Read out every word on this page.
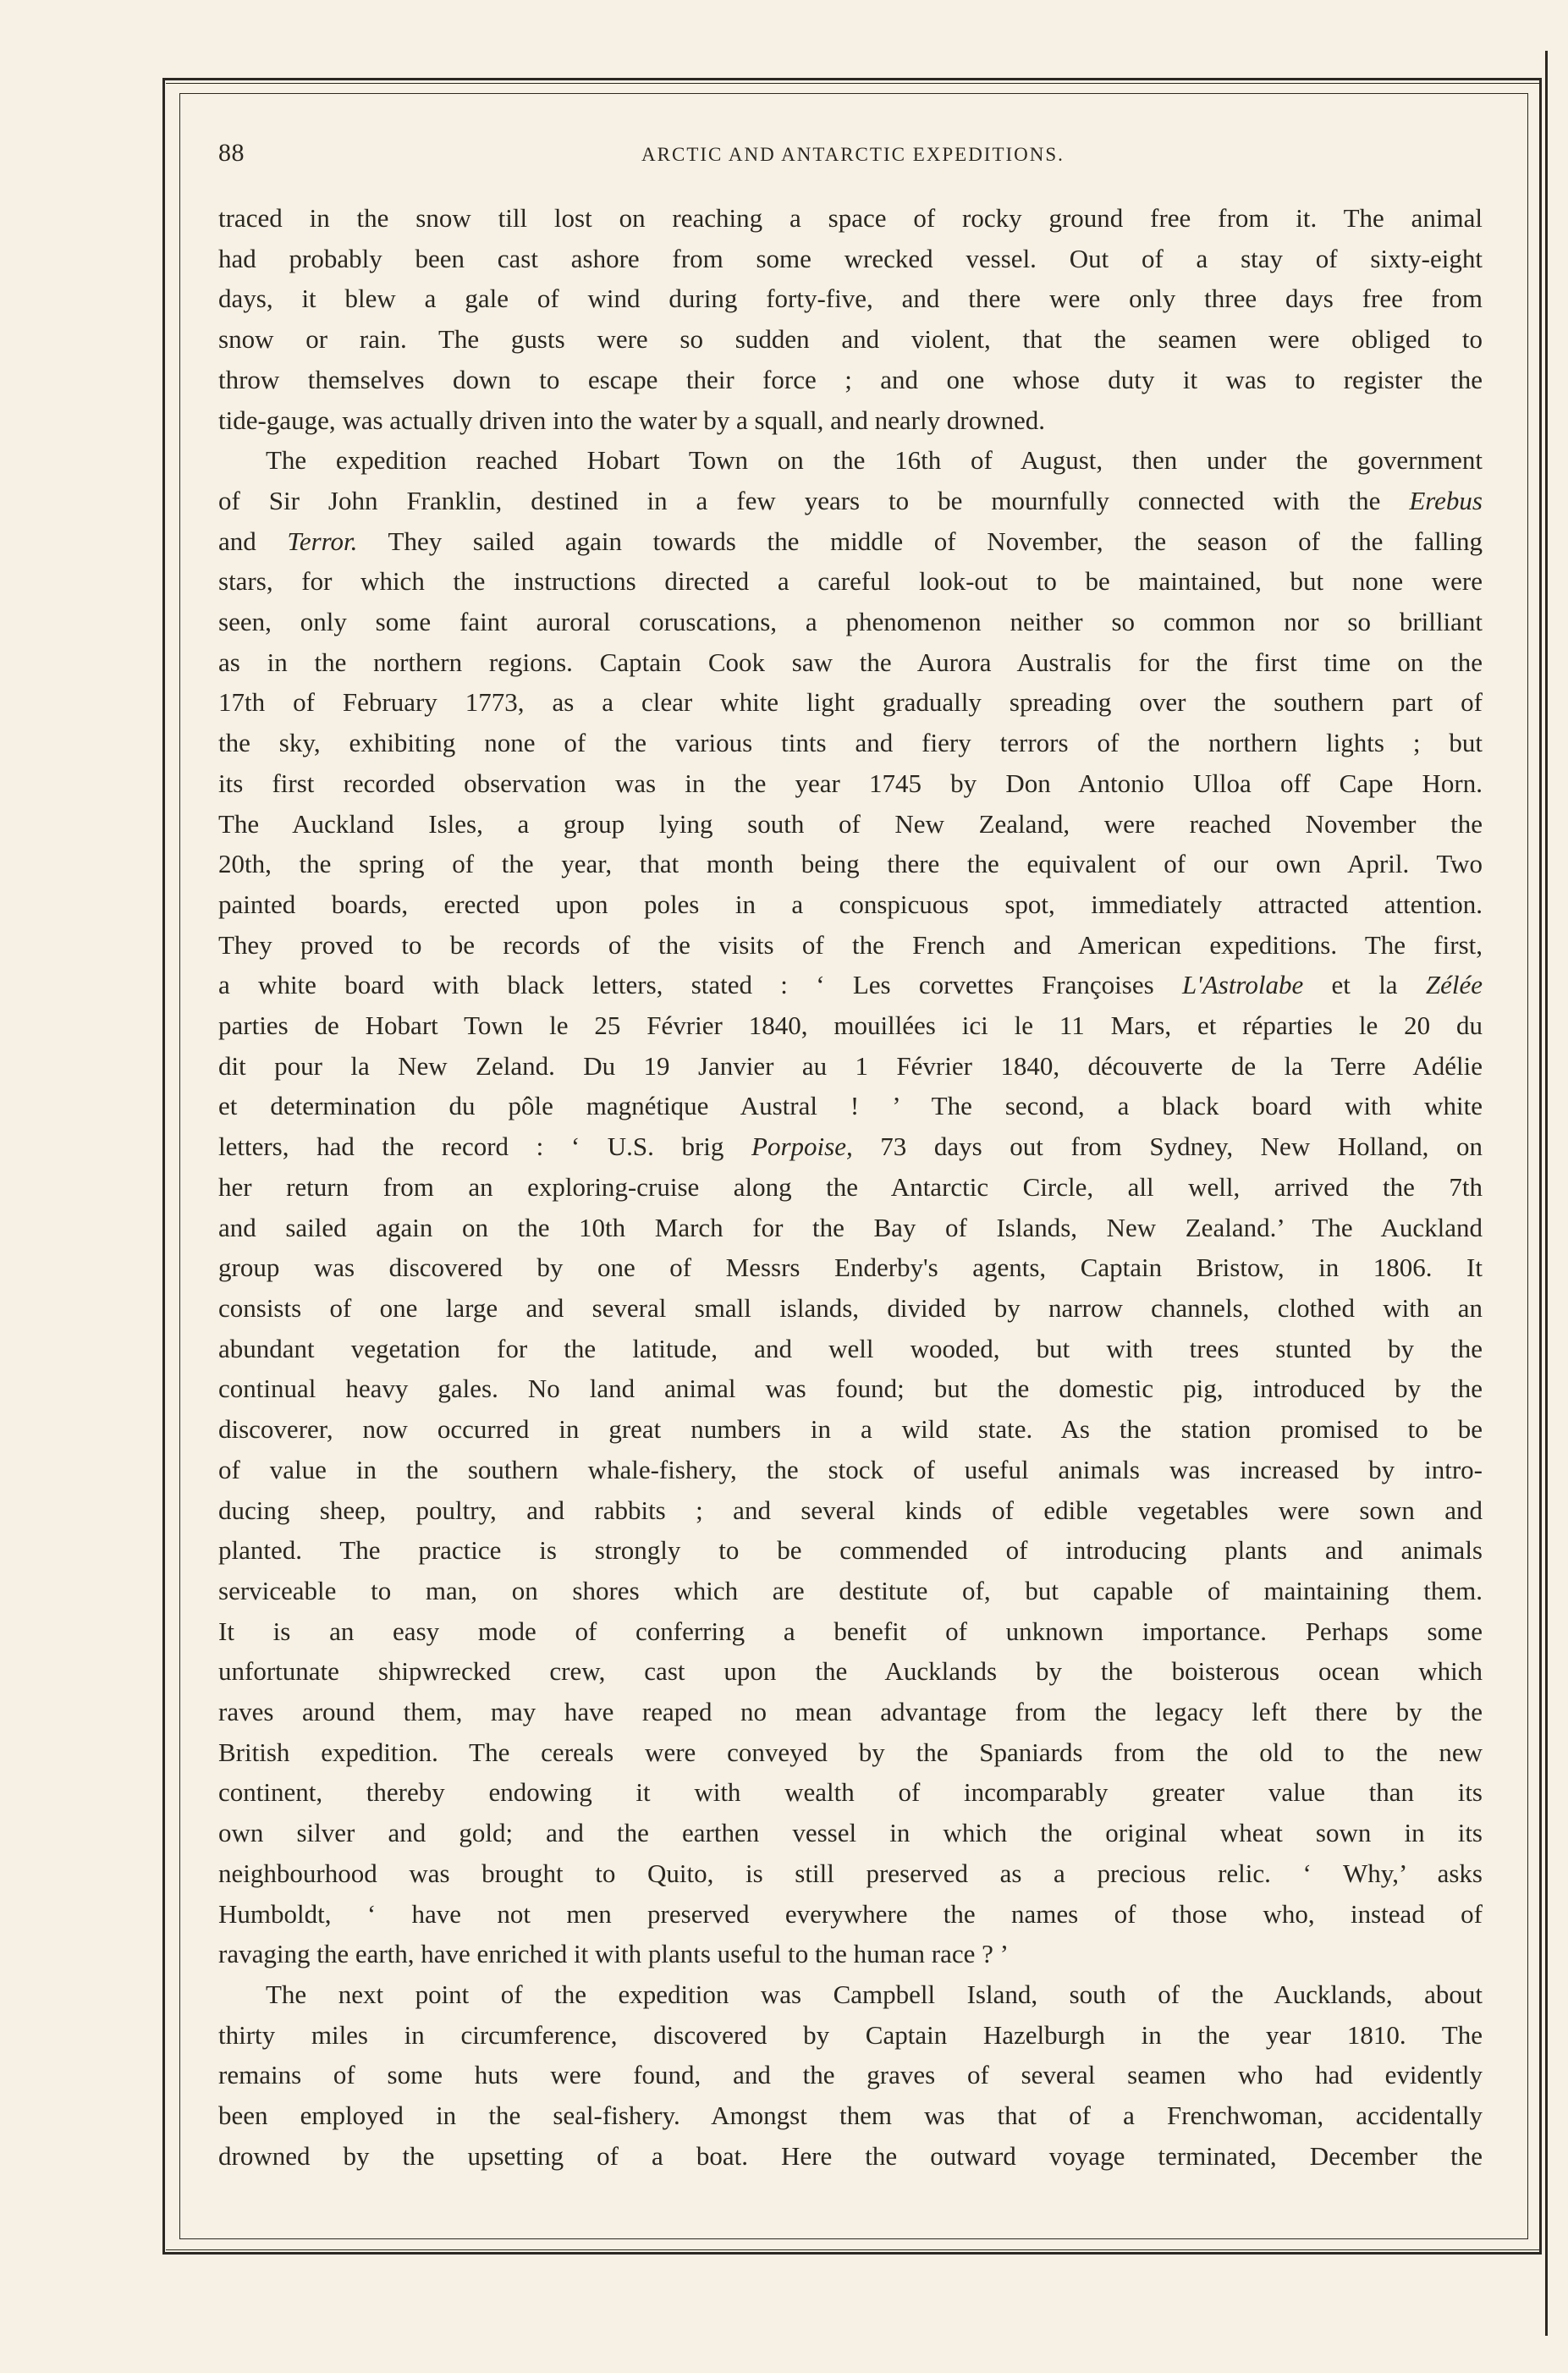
88	ARCTIC AND ANTARCTIC EXPEDITIONS.
traced in the snow till lost on reaching a space of rocky ground free from it. The animal
had probably been cast ashore from some wrecked vessel. Out of a stay of sixty-eight
days, it blew a gale of wind during forty-five, and there were only three days free from
snow or rain. The gusts were so sudden and violent, that the seamen were obliged to
throw themselves down to escape their force ; and one whose duty it was to register the
tide-gauge, was actually driven into the water by a squall, and nearly drowned.
The expedition reached Hobart Town on the 16th of August, then under the government
of Sir John Franklin, destined in a few years to be mournfully connected with the Erebus
and Terror. They sailed again towards the middle of November, the season of the falling
stars, for which the instructions directed a careful look-out to be maintained, but none were
seen, only some faint auroral coruscations, a phenomenon neither so common nor so brilliant
as in the northern regions. Captain Cook saw the Aurora Australis for the first time on the
17th of February 1773, as a clear white light gradually spreading over the southern part of
the sky, exhibiting none of the various tints and fiery terrors of the northern lights ; but
its first recorded observation was in the year 1745 by Don Antonio Ulloa off Cape Horn.
The Auckland Isles, a group lying south of New Zealand, were reached November the
20th, the spring of the year, that month being there the equivalent of our own April. Two
painted boards, erected upon poles in a conspicuous spot, immediately attracted attention.
They proved to be records of the visits of the French and American expeditions. The first,
a white board with black letters, stated : ‘ Les corvettes Françoises L'Astrolabe et la Zélée
parties de Hobart Town le 25 Février 1840, mouillées ici le 11 Mars, et réparties le 20 du
dit pour la New Zeland. Du 19 Janvier au 1 Février 1840, découverte de la Terre Adélie
et determination du pôle magnétique Austral ! ’ The second, a black board with white
letters, had the record : ‘ U.S. brig Porpoise, 73 days out from Sydney, New Holland, on
her return from an exploring-cruise along the Antarctic Circle, all well, arrived the 7th
and sailed again on the 10th March for the Bay of Islands, New Zealand.’ The Auckland
group was discovered by one of Messrs Enderby's agents, Captain Bristow, in 1806. It
consists of one large and several small islands, divided by narrow channels, clothed with an
abundant vegetation for the latitude, and well wooded, but with trees stunted by the
continual heavy gales. No land animal was found; but the domestic pig, introduced by the
discoverer, now occurred in great numbers in a wild state. As the station promised to be
of value in the southern whale-fishery, the stock of useful animals was increased by intro-
ducing sheep, poultry, and rabbits ; and several kinds of edible vegetables were sown and
planted. The practice is strongly to be commended of introducing plants and animals
serviceable to man, on shores which are destitute of, but capable of maintaining them.
It is an easy mode of conferring a benefit of unknown importance. Perhaps some
unfortunate shipwrecked crew, cast upon the Aucklands by the boisterous ocean which
raves around them, may have reaped no mean advantage from the legacy left there by the
British expedition. The cereals were conveyed by the Spaniards from the old to the new
continent, thereby endowing it with wealth of incomparably greater value than its
own silver and gold; and the earthen vessel in which the original wheat sown in its
neighbourhood was brought to Quito, is still preserved as a precious relic. ‘ Why,’ asks
Humboldt, ‘ have not men preserved everywhere the names of those who, instead of
ravaging the earth, have enriched it with plants useful to the human race ? ’
The next point of the expedition was Campbell Island, south of the Aucklands, about
thirty miles in circumference, discovered by Captain Hazelburgh in the year 1810. The
remains of some huts were found, and the graves of several seamen who had evidently
been employed in the seal-fishery. Amongst them was that of a Frenchwoman, accidentally
drowned by the upsetting of a boat. Here the outward voyage terminated, December the
